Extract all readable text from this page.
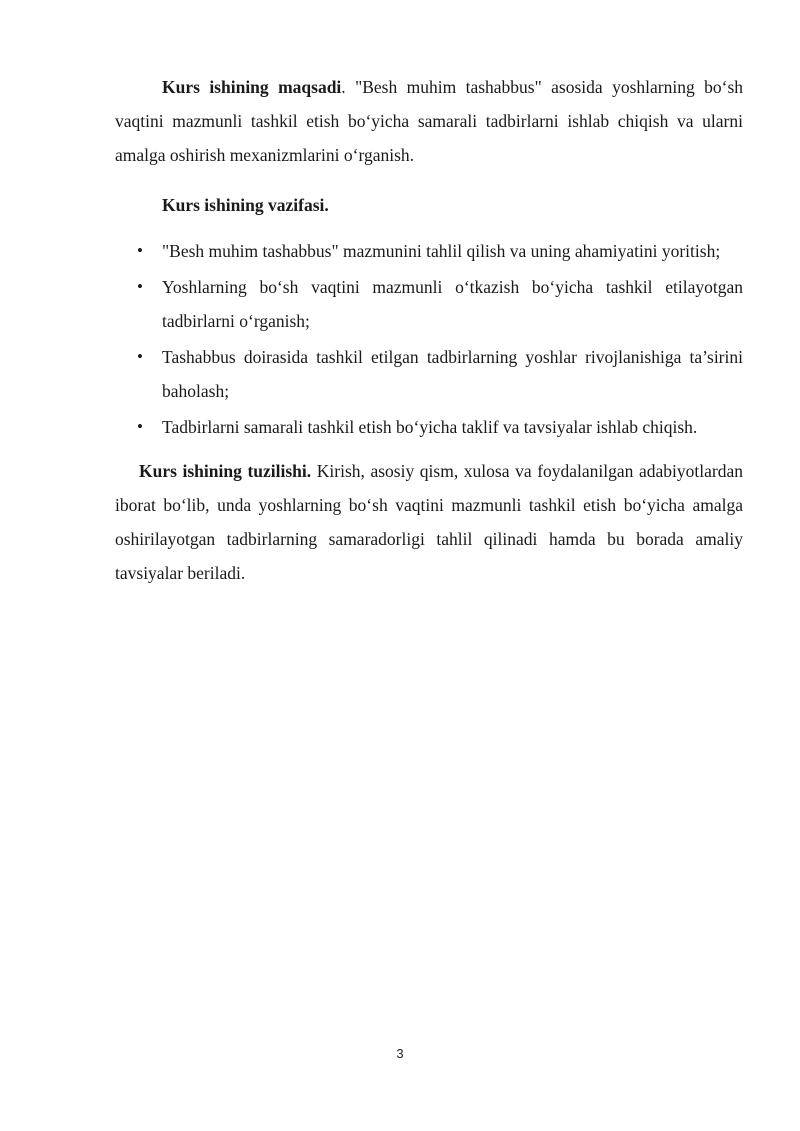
Kurs ishining maqsadi. "Besh muhim tashabbus" asosida yoshlarning bo‘sh vaqtini mazmunli tashkil etish bo‘yicha samarali tadbirlarni ishlab chiqish va ularni amalga oshirish mexanizmlarini o‘rganish.

Kurs ishining vazifasi.

• "Besh muhim tashabbus" mazmunini tahlil qilish va uning ahamiyatini yoritish;
• Yoshlarning bo‘sh vaqtini mazmunli o‘tkazish bo‘yicha tashkil etilayotgan tadbirlarni o‘rganish;
• Tashabbus doirasida tashkil etilgan tadbirlarning yoshlar rivojlanishiga ta’sirini baholash;
• Tadbirlarni samarali tashkil etish bo‘yicha taklif va tavsiyalar ishlab chiqish.

Kurs ishining tuzilishi. Kirish, asosiy qism, xulosa va foydalanilgan adabiyotlardan iborat bo‘lib, unda yoshlarning bo‘sh vaqtini mazmunli tashkil etish bo‘yicha amalga oshirilayotgan tadbirlarning samaradorligi tahlil qilinadi hamda bu borada amaliy tavsiyalar beriladi.

3
